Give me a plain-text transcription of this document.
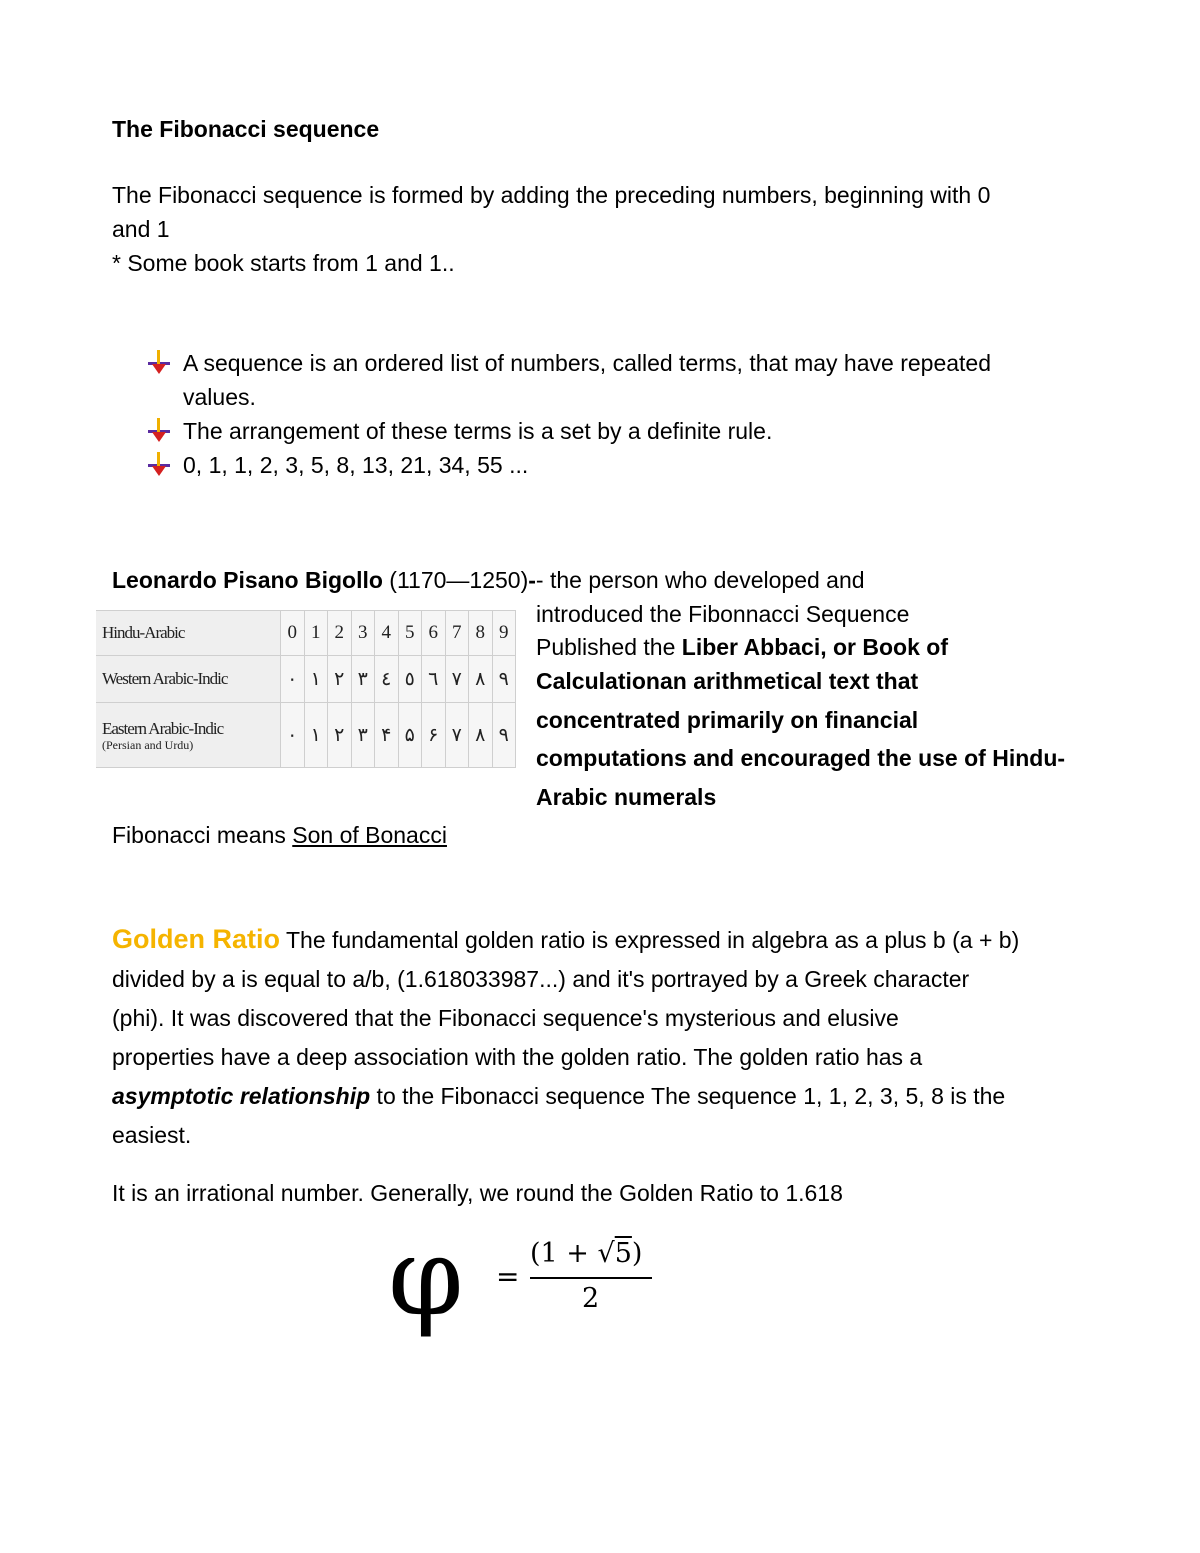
The Fibonacci sequence
The Fibonacci sequence is formed by adding the preceding numbers, beginning with 0
and 1
* Some book starts from 1 and 1..
A sequence is an ordered list of numbers, called terms, that may have repeated
values.
The arrangement of these terms is a set by a definite rule.
0, 1, 1, 2, 3, 5, 8, 13, 21, 34, 55 ...
Leonardo Pisano Bigollo (1170—1250)-- the person who developed and
Hindu-Arabic	0	1	2	3	4	5	6	7	8	9
Western Arabic-Indic	٠	١	٢	٣	٤	٥	٦	٧	٨	٩
Eastern Arabic-Indic
(Persian and Urdu)	۰	۱	۲	۳	۴	۵	۶	۷	۸	۹
introduced the Fibonnacci Sequence
Published the Liber Abbaci, or Book of
Calculationan arithmetical text that
concentrated primarily on financial
computations and encouraged the use of Hindu-
Arabic numerals
Fibonacci means Son of Bonacci

Golden Ratio The fundamental golden ratio is expressed in algebra as a plus b (a + b)

divided by a is equal to a/b, (1.618033987...) and it's portrayed by a Greek character

(phi). It was discovered that the Fibonacci sequence's mysterious and elusive

properties have a deep association with the golden ratio. The golden ratio has a

asymptotic relationship to the Fibonacci sequence The sequence 1, 1, 2, 3, 5, 8 is the

easiest.

It is an irrational number. Generally, we round the Golden Ratio to 1.618
φ =
(1 + √5)
2
